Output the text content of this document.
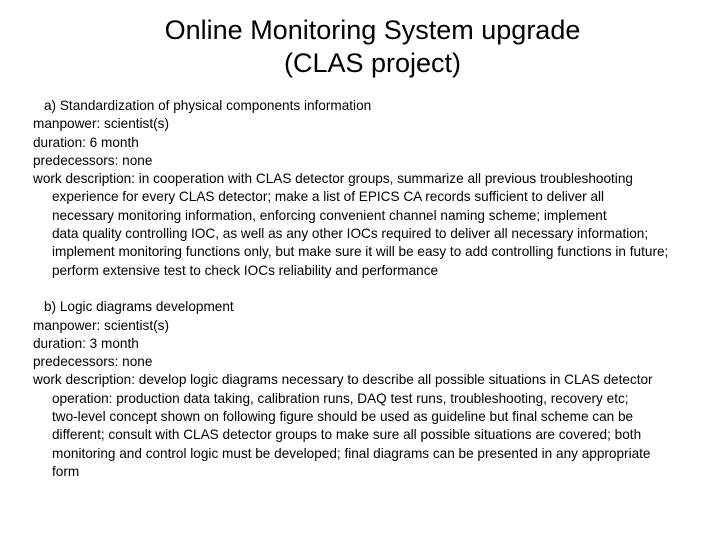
Online Monitoring System upgrade
(CLAS project)
a) Standardization of physical components information
manpower: scientist(s)
duration: 6 month
predecessors: none
work description: in cooperation with CLAS detector groups, summarize all previous troubleshooting
experience for every CLAS detector; make a list of EPICS CA records sufficient to deliver all
necessary monitoring information, enforcing convenient channel naming scheme; implement
data quality controlling IOC, as well as any other IOCs required to deliver all necessary information;
implement monitoring functions only, but make sure it will be easy to add controlling functions in future;
perform extensive test to check IOCs reliability and performance
b) Logic diagrams development
manpower: scientist(s)
duration: 3 month
predecessors: none
work description: develop logic diagrams necessary to describe all possible situations in CLAS detector
operation: production data taking, calibration runs, DAQ test runs, troubleshooting, recovery etc;
two-level concept shown on following figure should be used as guideline but final scheme can be
different; consult with CLAS detector groups to make sure all possible situations are covered; both
monitoring and control logic must be developed; final diagrams can be presented in any appropriate
form
